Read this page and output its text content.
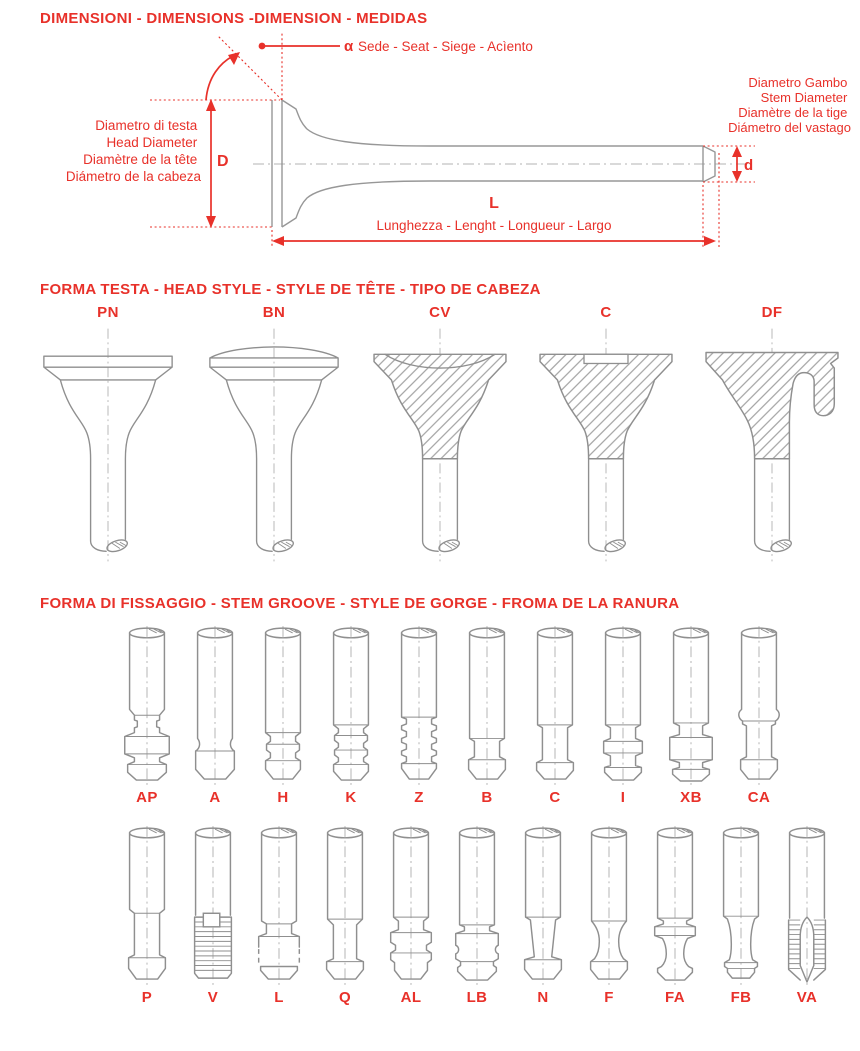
DIMENSIONI - DIMENSIONS -DIMENSION - MEDIDAS
α Sede - Seat - Siege - Acìento
D
Diametro di testa Head Diameter Diamètre de la tête Diámetro de la cabeza
Diametro Gambo Stem Diameter Diamètre de la tige Diámetro del vastago
d
L
Lunghezza - Lenght - Longueur - Largo
FORMA TESTA - HEAD STYLE - STYLE DE TÊTE - TIPO DE CABEZA
PN	BN	CV	C	DF
FORMA DI FISSAGGIO - STEM GROOVE - STYLE DE GORGE - FROMA DE LA RANURA
AP	A	H	K	Z	B	C	I	XB	CA
P	V	L	Q	AL	LB	N	F	FA	FB	VA
